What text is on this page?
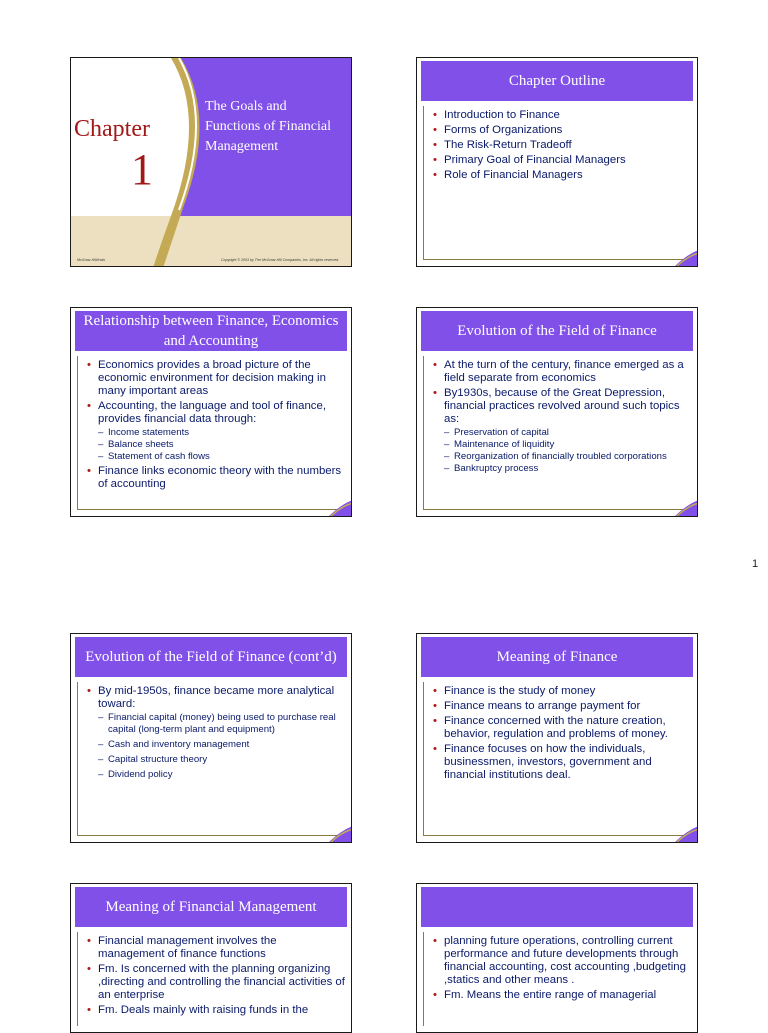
Chapter
1
The Goals and Functions of Financial Management
McGraw-Hill/Irwin	Copyright © 2003 by The McGraw-Hill Companies, Inc. All rights reserved.
Chapter Outline
• Introduction to Finance
• Forms of Organizations
• The Risk-Return Tradeoff
• Primary Goal of Financial Managers
• Role of Financial Managers
Relationship between Finance, Economics and Accounting
• Economics provides a broad picture of the economic environment for decision making in many important areas
• Accounting, the language and tool of finance, provides financial data through:
– Income statements
– Balance sheets
– Statement of cash flows
• Finance links economic theory with the numbers of accounting
Evolution of the Field of Finance
• At the turn of the century, finance emerged as a field separate from economics
• By1930s, because of the Great Depression, financial practices revolved around such topics as:
– Preservation of capital
– Maintenance of liquidity
– Reorganization of financially troubled corporations
– Bankruptcy process
1
Evolution of the Field of Finance (cont’d)
• By mid-1950s, finance became more analytical toward:
– Financial capital (money) being used to purchase real capital (long-term plant and equipment)
– Cash and inventory management
– Capital structure theory
– Dividend policy
Meaning of Finance
• Finance is the study of money
• Finance means to arrange payment for
• Finance concerned with the nature creation, behavior, regulation and problems of money.
• Finance focuses on how the individuals, businessmen, investors, government and financial institutions deal.
Meaning of Financial Management
• Financial management involves the management of finance functions
• Fm. Is concerned with the planning organizing ,directing and controlling the financial activities of an enterprise
• Fm. Deals mainly with raising funds in the
• planning future operations, controlling current performance and future developments through financial accounting, cost accounting ,budgeting ,statics and other means .
• Fm. Means the entire range of managerial
